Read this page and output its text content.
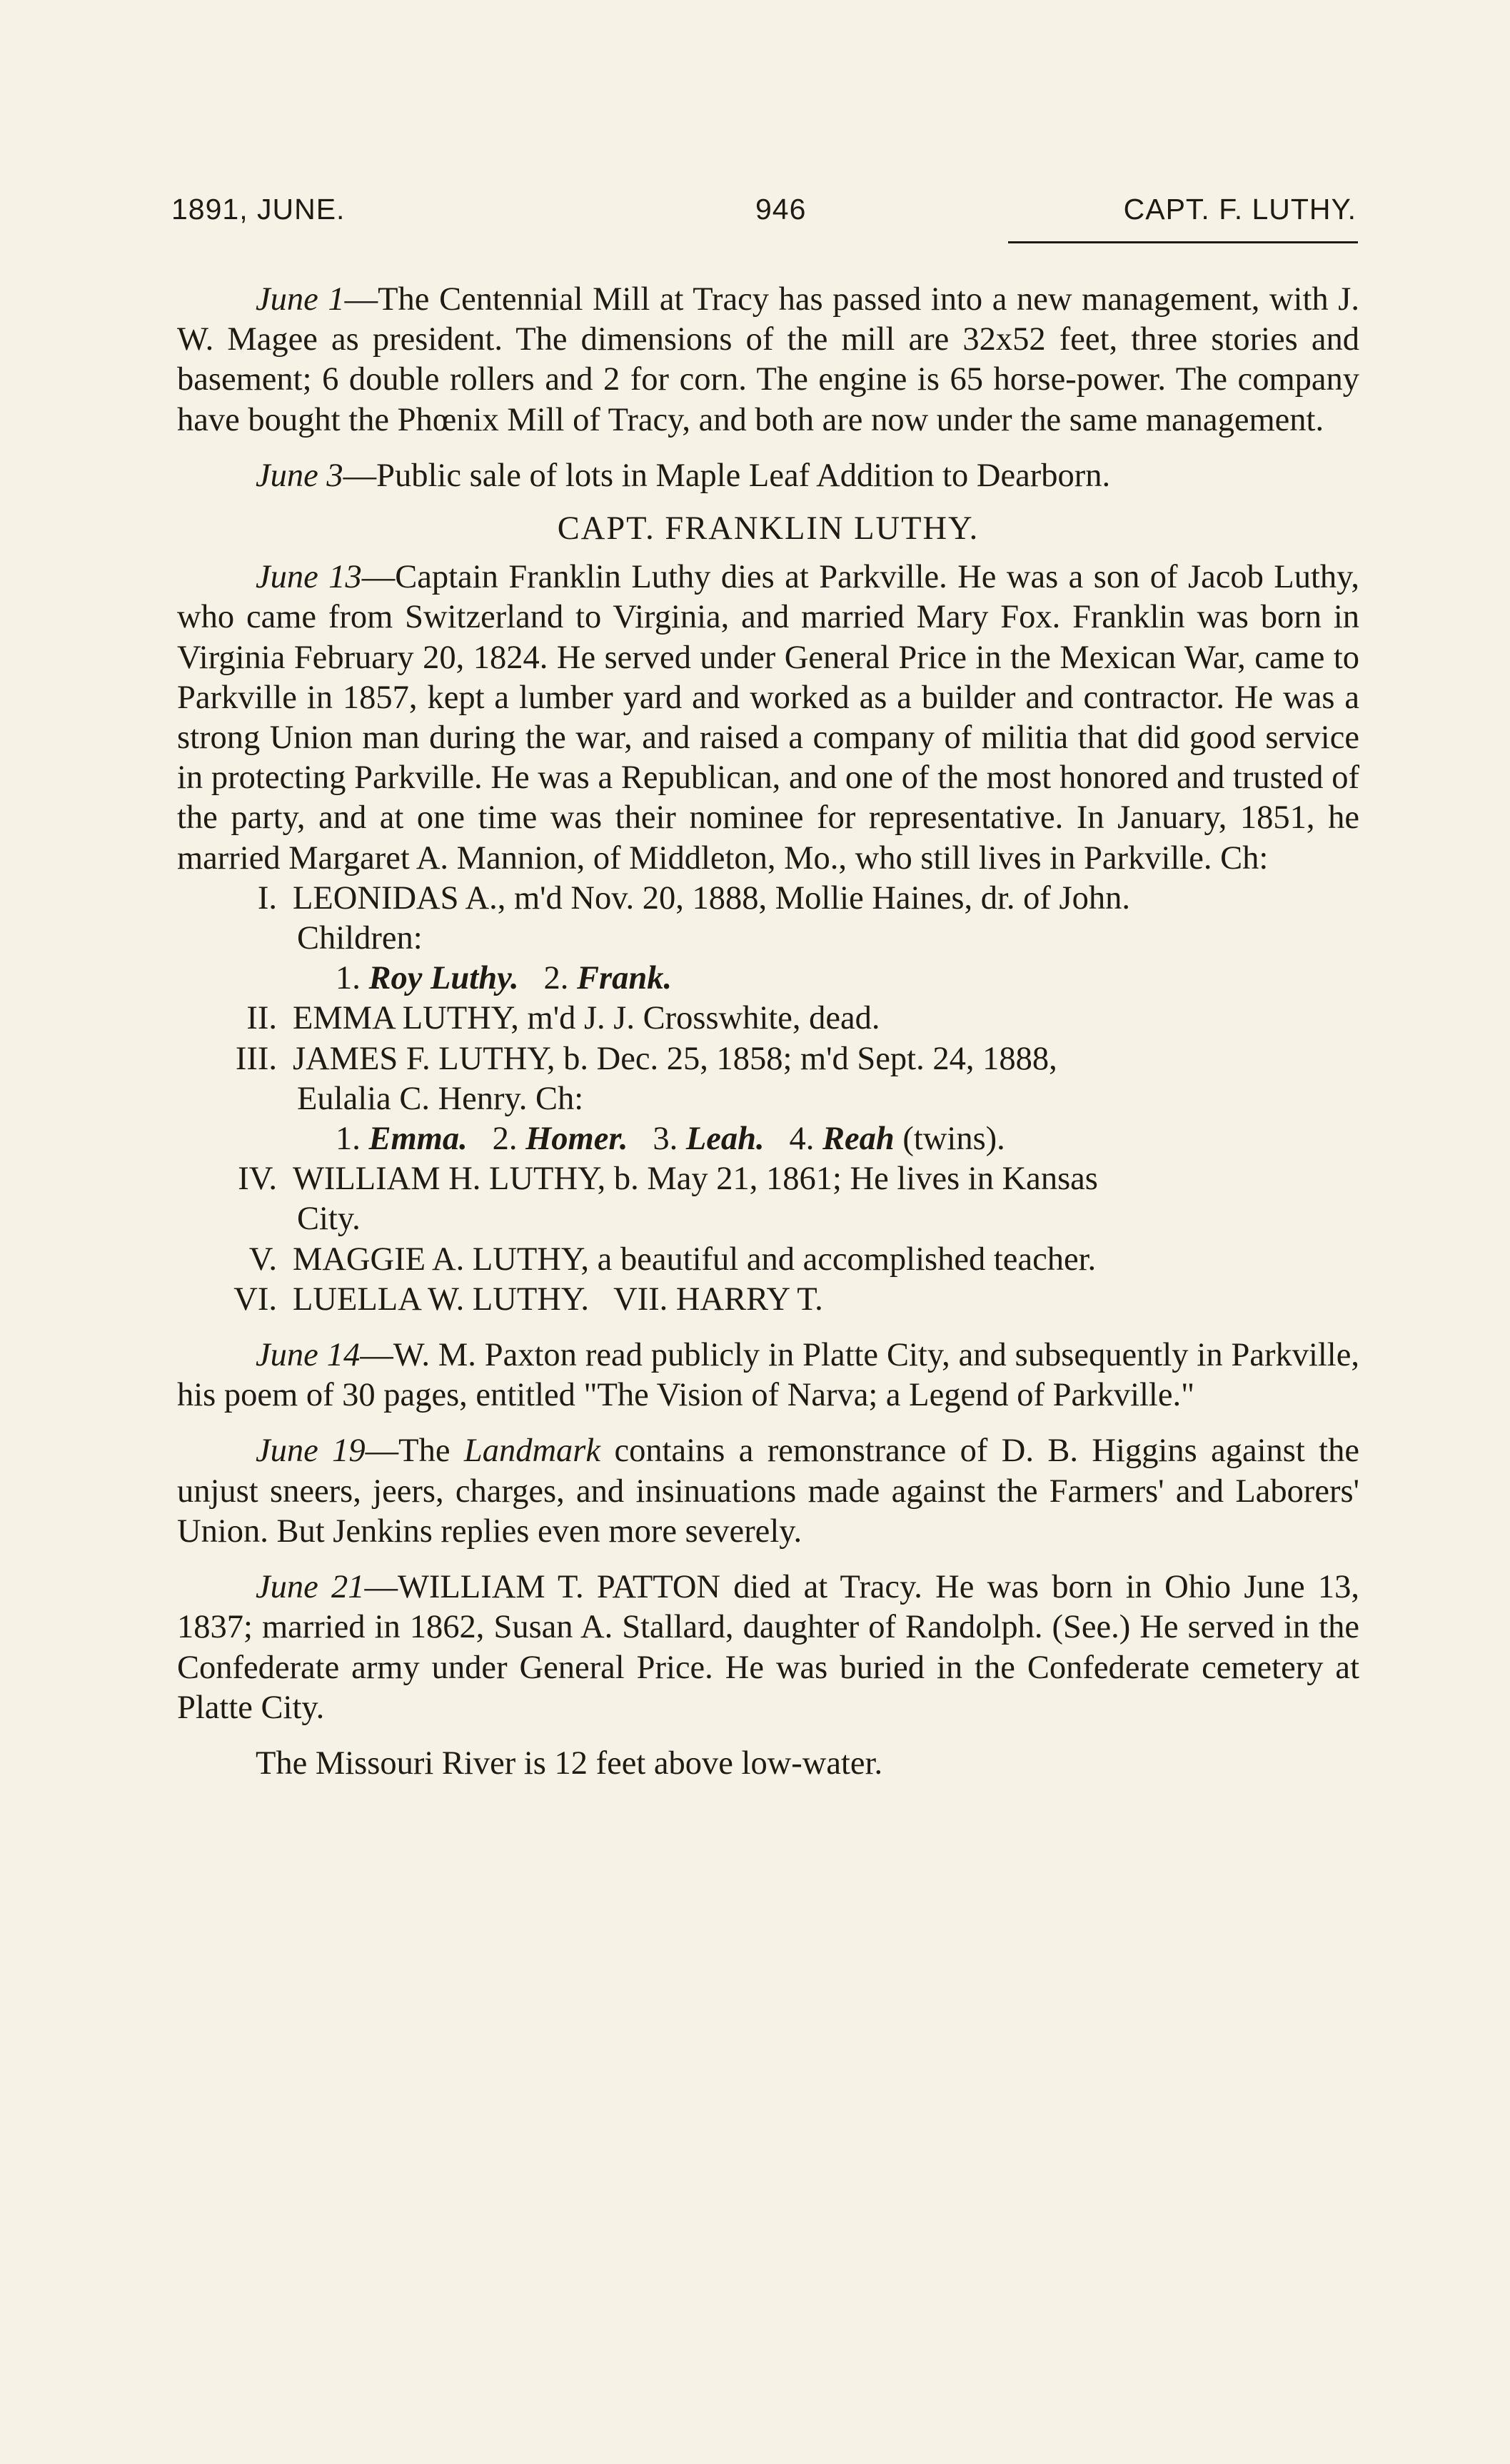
1891, JUNE.	946	CAPT. F. LUTHY.

June 1—The Centennial Mill at Tracy has passed into a new management, with J. W. Magee as president. The dimensions of the mill are 32x52 feet, three stories and basement; 6 double rollers and 2 for corn. The engine is 65 horse-power. The company have bought the Phœnix Mill of Tracy, and both are now under the same management.

June 3—Public sale of lots in Maple Leaf Addition to Dearborn.

CAPT. FRANKLIN LUTHY.

June 13—Captain Franklin Luthy dies at Parkville. He was a son of Jacob Luthy, who came from Switzerland to Virginia, and married Mary Fox. Franklin was born in Virginia February 20, 1824. He served under General Price in the Mexican War, came to Parkville in 1857, kept a lumber yard and worked as a builder and contractor. He was a strong Union man during the war, and raised a company of militia that did good service in protecting Parkville. He was a Republican, and one of the most honored and trusted of the party, and at one time was their nominee for representative. In January, 1851, he married Margaret A. Mannion, of Middleton, Mo., who still lives in Parkville. Ch:

I. LEONIDAS A., m'd Nov. 20, 1888, Mollie Haines, dr. of John.
Children:
1. Roy Luthy. 2. Frank.
II. EMMA LUTHY, m'd J. J. Crosswhite, dead.
III. JAMES F. LUTHY, b. Dec. 25, 1858; m'd Sept. 24, 1888,
Eulalia C. Henry. Ch:
1. Emma. 2. Homer. 3. Leah. 4. Reah (twins).
IV. WILLIAM H. LUTHY, b. May 21, 1861; He lives in Kansas
City.
V. MAGGIE A. LUTHY, a beautiful and accomplished teacher.
VI. LUELLA W. LUTHY. VII. HARRY T.

June 14—W. M. Paxton read publicly in Platte City, and subsequently in Parkville, his poem of 30 pages, entitled "The Vision of Narva; a Legend of Parkville."

June 19—The Landmark contains a remonstrance of D. B. Higgins against the unjust sneers, jeers, charges, and insinuations made against the Farmers' and Laborers' Union. But Jenkins replies even more severely.

June 21—WILLIAM T. PATTON died at Tracy. He was born in Ohio June 13, 1837; married in 1862, Susan A. Stallard, daughter of Randolph. (See.) He served in the Confederate army under General Price. He was buried in the Confederate cemetery at Platte City.

The Missouri River is 12 feet above low-water.
